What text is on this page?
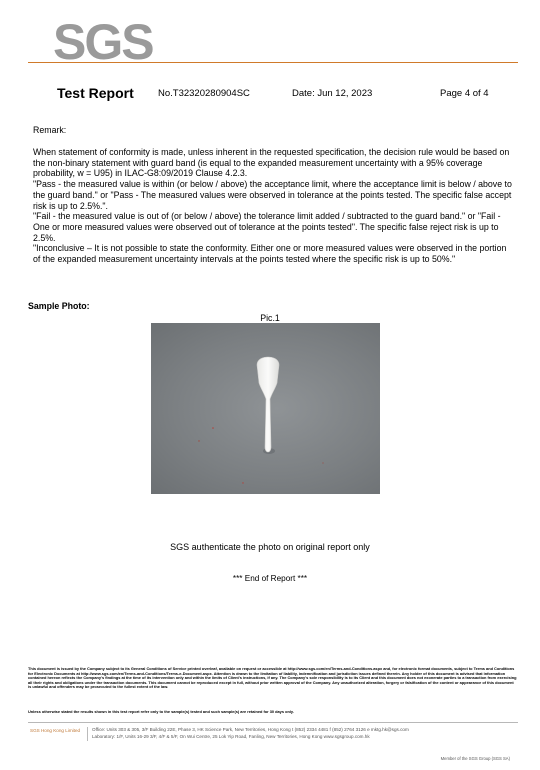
SGS
Test Report	No.T32320280904SC	Date: Jun 12, 2023	Page 4 of 4
Remark:

When statement of conformity is made, unless inherent in the requested specification, the decision rule would be based on the non-binary statement with guard band (is equal to the expanded measurement uncertainty with a 95% coverage probability, w = U95) in ILAC-G8:09/2019 Clause 4.2.3.

"Pass - the measured value is within (or below / above) the acceptance limit, where the acceptance limit is below / above to the guard band." or "Pass - The measured values were observed in tolerance at the points tested. The specific false accept risk is up to 2.5%.".

"Fail - the measured value is out of (or below / above) the tolerance limit added / subtracted to the guard band." or "Fail - One or more measured values were observed out of tolerance at the points tested". The specific false reject risk is up to 2.5%.

"Inconclusive – It is not possible to state the conformity. Either one or more measured values were observed in the portion of the expanded measurement uncertainty intervals at the points tested where the specific risk is up to 50%."

Sample Photo:
Pic.1
SGS authenticate the photo on original report only
*** End of Report ***

This document is issued by the Company subject to its General Conditions of Service printed overleaf, available on request or accessible at http://www.sgs.com/en/Terms-and-Conditions.aspx and, for electronic format documents, subject to Terms and Conditions for Electronic Documents at http://www.sgs.com/en/Terms-and-Conditions/Terms-e-Document.aspx. Attention is drawn to the limitation of liability, indemnification and jurisdiction issues defined therein. Any holder of this document is advised that information contained hereon reflects the Company's findings at the time of its intervention only and within the limits of Client's instructions, if any. The Company's sole responsibility is to its Client and this document does not exonerate parties to a transaction from exercising all their rights and obligations under the transaction documents. This document cannot be reproduced except in full, without prior written approval of the Company. Any unauthorized alteration, forgery or falsification of the content or appearance of this document is unlawful and offenders may be prosecuted to the fullest extent of the law.

Unless otherwise stated the results shown in this test report refer only to the sample(s) tested and such sample(s) are retained for 30 days only.
SGS Hong Kong Limited	Office: Units 303 & 305, 3/F Building 22E, Phase 3, HK Science Park, New Territories, Hong Kong t (852) 2334 4481 f (852) 2764 3126 e mktg.hk@sgs.com
Laboratory: 1/F, Units 16-29 3/F, 4/F & 5/F, On Wui Centre, 25 Lok Yip Road, Fanling, New Territories, Hong Kong www.sgsgroup.com.hk
Member of the SGS Group (SGS SA)
